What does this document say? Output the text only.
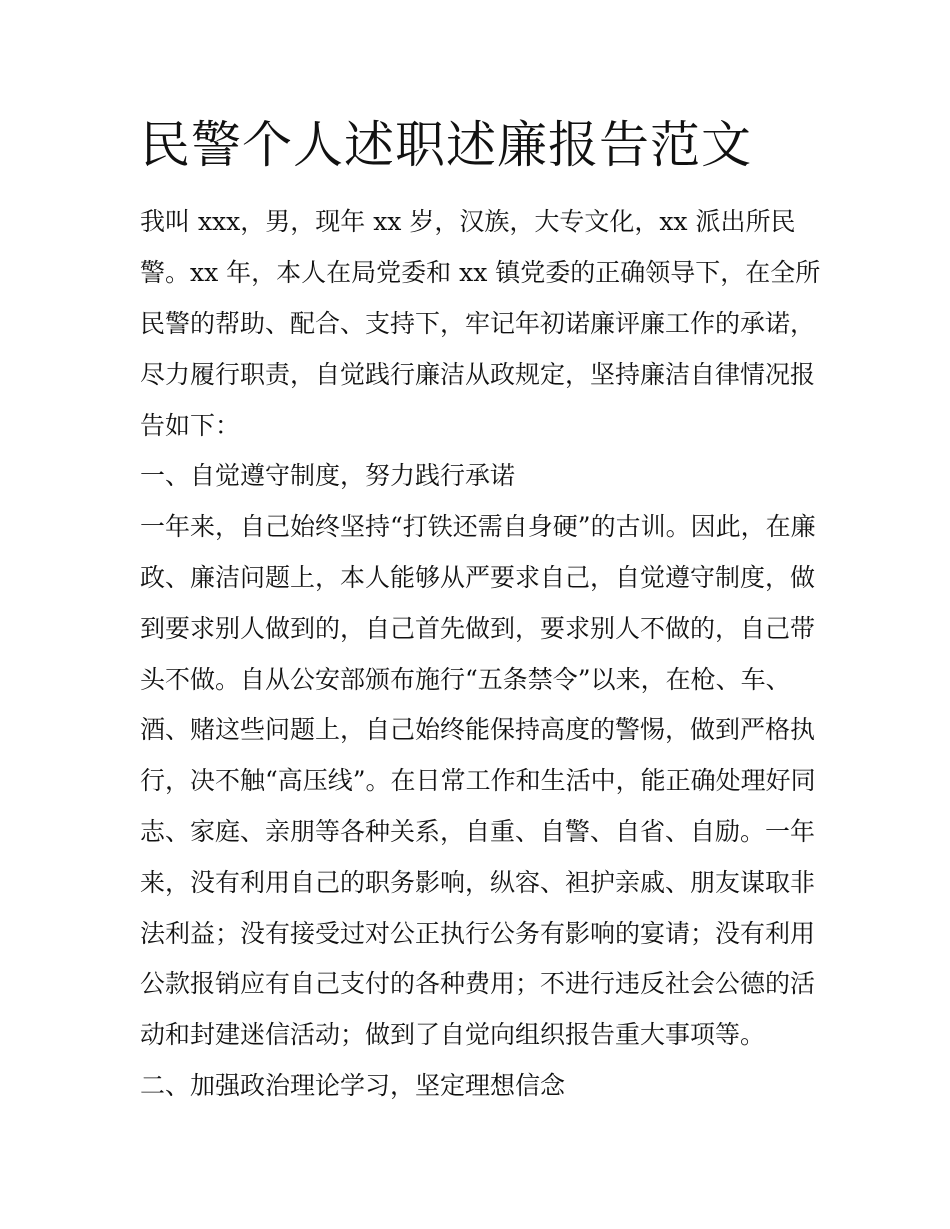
民警个人述职述廉报告范文
我叫 xxx，男，现年 xx 岁，汉族，大专文化，xx 派出所民
警。xx 年，本人在局党委和 xx 镇党委的正确领导下，在全所
民警的帮助、配合、支持下，牢记年初诺廉评廉工作的承诺，
尽力履行职责，自觉践行廉洁从政规定，坚持廉洁自律情况报
告如下：
一、自觉遵守制度，努力践行承诺
一年来，自己始终坚持“打铁还需自身硬”的古训。因此，在廉
政、廉洁问题上，本人能够从严要求自己，自觉遵守制度，做
到要求别人做到的，自己首先做到，要求别人不做的，自己带
头不做。自从公安部颁布施行“五条禁令”以来，在枪、车、
酒、赌这些问题上，自己始终能保持高度的警惕，做到严格执
行，决不触“高压线”。在日常工作和生活中，能正确处理好同
志、家庭、亲朋等各种关系，自重、自警、自省、自励。一年
来，没有利用自己的职务影响，纵容、袒护亲戚、朋友谋取非
法利益；没有接受过对公正执行公务有影响的宴请；没有利用
公款报销应有自己支付的各种费用；不进行违反社会公德的活
动和封建迷信活动；做到了自觉向组织报告重大事项等。
二、加强政治理论学习，坚定理想信念
